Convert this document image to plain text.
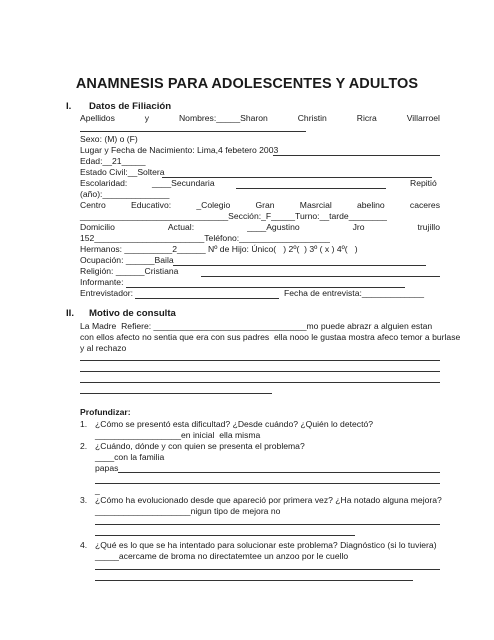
ANAMNESIS PARA ADOLESCENTES Y ADULTOS
I. Datos de Filiación
Apellidos	y	Nombres:_____Sharon	Christin	Ricra	Villarroel
Sexo: (M) o (F)
Lugar y Fecha de Nacimiento: Lima,4 febetero 2003
Edad:__21_____
Estado Civil:__Soltera
Escolaridad:	____Secundaria	Repitió
(año):______________
Centro	Educativo:	_Colegio	Gran	Masrcial	abelino	caceres
_______________________________Sección:_F_____Turno:__tarde________
Domicilio	Actual:	____Agustino	Jro	trujillo
152_______________________Teléfono:___________________
Hermanos: __________2______ Nº de Hijo: Único(   ) 2º(  ) 3º ( x ) 4º(   )
Ocupación: ______Baila
Religión: ______Cristiana
Informante:
Entrevistador:	Fecha de entrevista:_____________
II. Motivo de consulta
La Madre  Refiere: ________________________________mo puede abrazr a alguien estan
con ellos afecto no sentia que era con sus padres  ella nooo le gustaa mostra afeco temor a burlase
y al rechazo
Profundizar:
1. ¿Cómo se presentó esta dificultad? ¿Desde cuándo? ¿Quién lo detectó?
__________________en inicial  ella misma
2. ¿Cuándo, dónde y con quien se presenta el problema?
____con la familia
papas
_
3. ¿Cómo ha evolucionado desde que apareció por primera vez? ¿Ha notado alguna mejora?
____________________nigun tipo de mejora no
4. ¿Qué es lo que se ha intentado para solucionar este problema? Diagnóstico (si lo tuviera)
_____acercame de broma no directatemtee un anzoo por le cuello
